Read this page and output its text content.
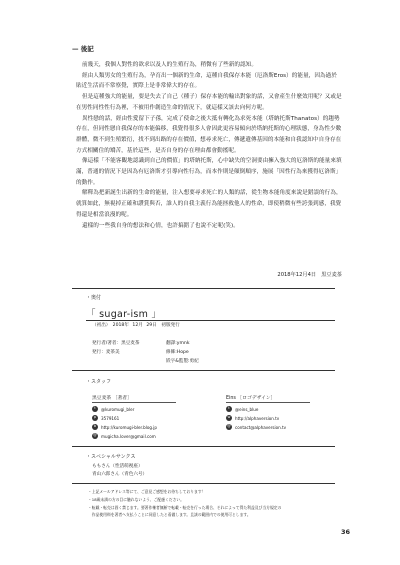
— 後記

前幾天，我個人對性的欲求以及人的生殖行為，稍微有了些新的認知。

經由人類男女的生殖行為，孕育出一個新的生命，這種自我保存本能（厄洛斯Eros）的能量，因為過於貼近生活而不常察覺，實際上是非常偉大的存在。

但是這種強大的能量，要是失去了自己（種子）保存本能的輸出對象的話，又會產生什麼效用呢？又或是在男性同性性行為裡，不被用作創造生命的情況下，就這樣又該去向何方呢。

異性戀的話，經由性愛留下子孫，完成了使命之後大抵有轉化為求死本能（塔納托斯Thanatos）的趨勢存在，但同性戀自我保存的本能偏移，我覺得很多人會因此更容易傾向於塔納托斯的心理狀態，身為性少數群體，微不到生殖繁衍，找不到出路的存在價值，想尋求死亡，傳遞遺傳基因的本能和自我認知中自身存在方式相關住的矯苦，基於這些，是否自身的存在理由都會動搖呢。

像這樣「不能客觀地認識到自己的價值」的塔納托斯，心中缺失的空洞要由擁入強大的厄洛斯的能量來填滿，普通的情況下是因為有厄洛斯才引導向性行為，而本作則是顛倒順序，施展「因性行為來獲得厄洛斯」的動作。

解釋為把新誕生出新的生命的能量，注入想要尋求死亡的人類的話，從生物本能角度來說是錯誤的行為，就算如此，無視掉正確和讚賞與否，誰人的自我主義行為能拯救他人的性命，即使稍微有些誇張到感，我覺得還是相當浪漫的呢。

還樣的一些我自身的想法和心情，也許搞錯了也說不定呢(笑)。

2018年12月4日　黒豆麦茶
・奥付
「 sugar-ism 」
（初出）　2018年 12月 29日　初版発行
発行者/著者：黒豆麦茶
発行：麦茶美
翻譯:ymnk
修飾:Hope
嵌字&監製:勇紀
・スタッフ
黒豆麦茶 ［著者］
t	@kuromugi_bler
p	3579161
b	http://kuromugi-bler.blog.jp
@ mugicha.lover@gmail.com
Eins ［ロゴデザイン］
t	@eins_blue
w	http://alphaversion.tv
@ contact@alphaversion.tv
・スペシャルサンクス
ももさん（性活萌視座）
青山六郎さん（青色六号）
・上記メールアドレス等にて、ご意見ご感想をお待ちしております！
・18歳未満の方の目に触れないよう、ご配慮ください。
・転載・転売は固く禁じます。要著作権者無断で転載・転売を行った場合、それによって得た利益及び当方規定の
　作品使用料を著者へ支払うことに同意したと看做します。且該の範囲内での使用可とします。
36
